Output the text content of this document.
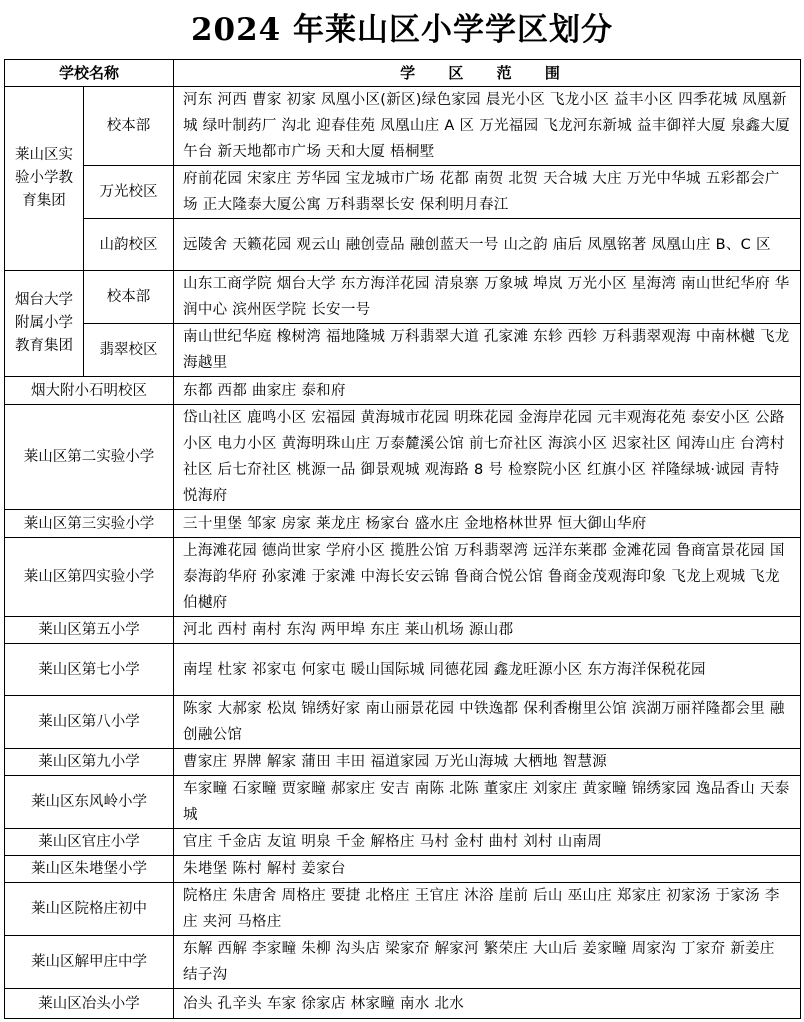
2024 年莱山区小学学区划分
学校名称		学 区 范 围
莱山区实验小学教育集团	校本部	河东 河西 曹家 初家 凤凰小区(新区)绿色家园 晨光小区 飞龙小区 益丰小区 四季花城 凤凰新城 绿叶制药厂 沟北 迎春佳苑 凤凰山庄 A 区 万光福园 飞龙河东新城 益丰御祥大厦 泉鑫大厦 午台 新天地都市广场 天和大厦 梧桐墅
	万光校区	府前花园 宋家庄 芳华园 宝龙城市广场 花都 南贺 北贺 天合城 大庄 万光中华城 五彩都会广场 正大隆泰大厦公寓 万科翡翠长安 保利明月春江
	山韵校区	远陵舍 天籁花园 观云山 融创壹品 融创蓝天一号 山之韵 庙后 凤凰铭著 凤凰山庄 B、C 区
烟台大学附属小学教育集团	校本部	山东工商学院 烟台大学 东方海洋花园 清泉寨 万象城 埠岚 万光小区 星海湾 南山世纪华府 华润中心 滨州医学院 长安一号
	翡翠校区	南山世纪华庭 橡树湾 福地隆城 万科翡翠大道 孔家滩 东轸 西轸 万科翡翠观海 中南林樾 飞龙海越里
烟大附小石明校区		东都 西都 曲家庄 泰和府
莱山区第二实验小学		岱山社区 鹿鸣小区 宏福园 黄海城市花园 明珠花园 金海岸花园 元丰观海花苑 泰安小区 公路小区 电力小区 黄海明珠山庄 万泰麓溪公馆 前七夼社区 海滨小区 迟家社区 闻涛山庄 台湾村社区 后七夼社区 桃源一品 御景观城 观海路 8 号 检察院小区 红旗小区 祥隆绿城·诚园 青特悦海府
莱山区第三实验小学		三十里堡 邹家 房家 莱龙庄 杨家台 盛水庄 金地格林世界 恒大御山华府
莱山区第四实验小学		上海滩花园 德尚世家 学府小区 揽胜公馆 万科翡翠湾 远洋东莱郡 金滩花园 鲁商富景花园 国泰海韵华府 孙家滩 于家滩 中海长安云锦 鲁商合悦公馆 鲁商金茂观海印象 飞龙上观城 飞龙伯樾府
莱山区第五小学		河北 西村 南村 东沟 两甲埠 东庄 莱山机场 源山郡
莱山区第七小学		南埕 杜家 祁家屯 何家屯 暖山国际城 同德花园 鑫龙旺源小区 东方海洋保税花园
莱山区第八小学		陈家 大郝家 松岚 锦绣好家 南山丽景花园 中铁逸都 保利香榭里公馆 滨湖万丽祥隆都会里 融创融公馆
莱山区第九小学		曹家庄 界牌 解家 蒲田 丰田 福道家园 万光山海城 大栖地 智慧源
莱山区东风岭小学		车家疃 石家疃 贾家疃 郝家庄 安吉 南陈 北陈 董家庄 刘家庄 黄家疃 锦绣家园 逸品香山 天泰城
莱山区官庄小学		官庄 千金店 友谊 明泉 千金 解格庄 马村 金村 曲村 刘村 山南周
莱山区朱塂堡小学		朱塂堡 陈村 解村 姜家台
莱山区院格庄初中		院格庄 朱唐舍 周格庄 要捷 北格庄 王官庄 沐浴 崖前 后山 巫山庄 郑家庄 初家汤 于家汤 李庄 夹河 马格庄
莱山区解甲庄中学		东解 西解 李家疃 朱柳 沟头店 梁家夼 解家河 繁荣庄 大山后 姜家疃 周家沟 丁家夼 新姜庄 结子沟
莱山区冶头小学		冶头 孔辛头 车家 徐家店 林家疃 南水 北水
